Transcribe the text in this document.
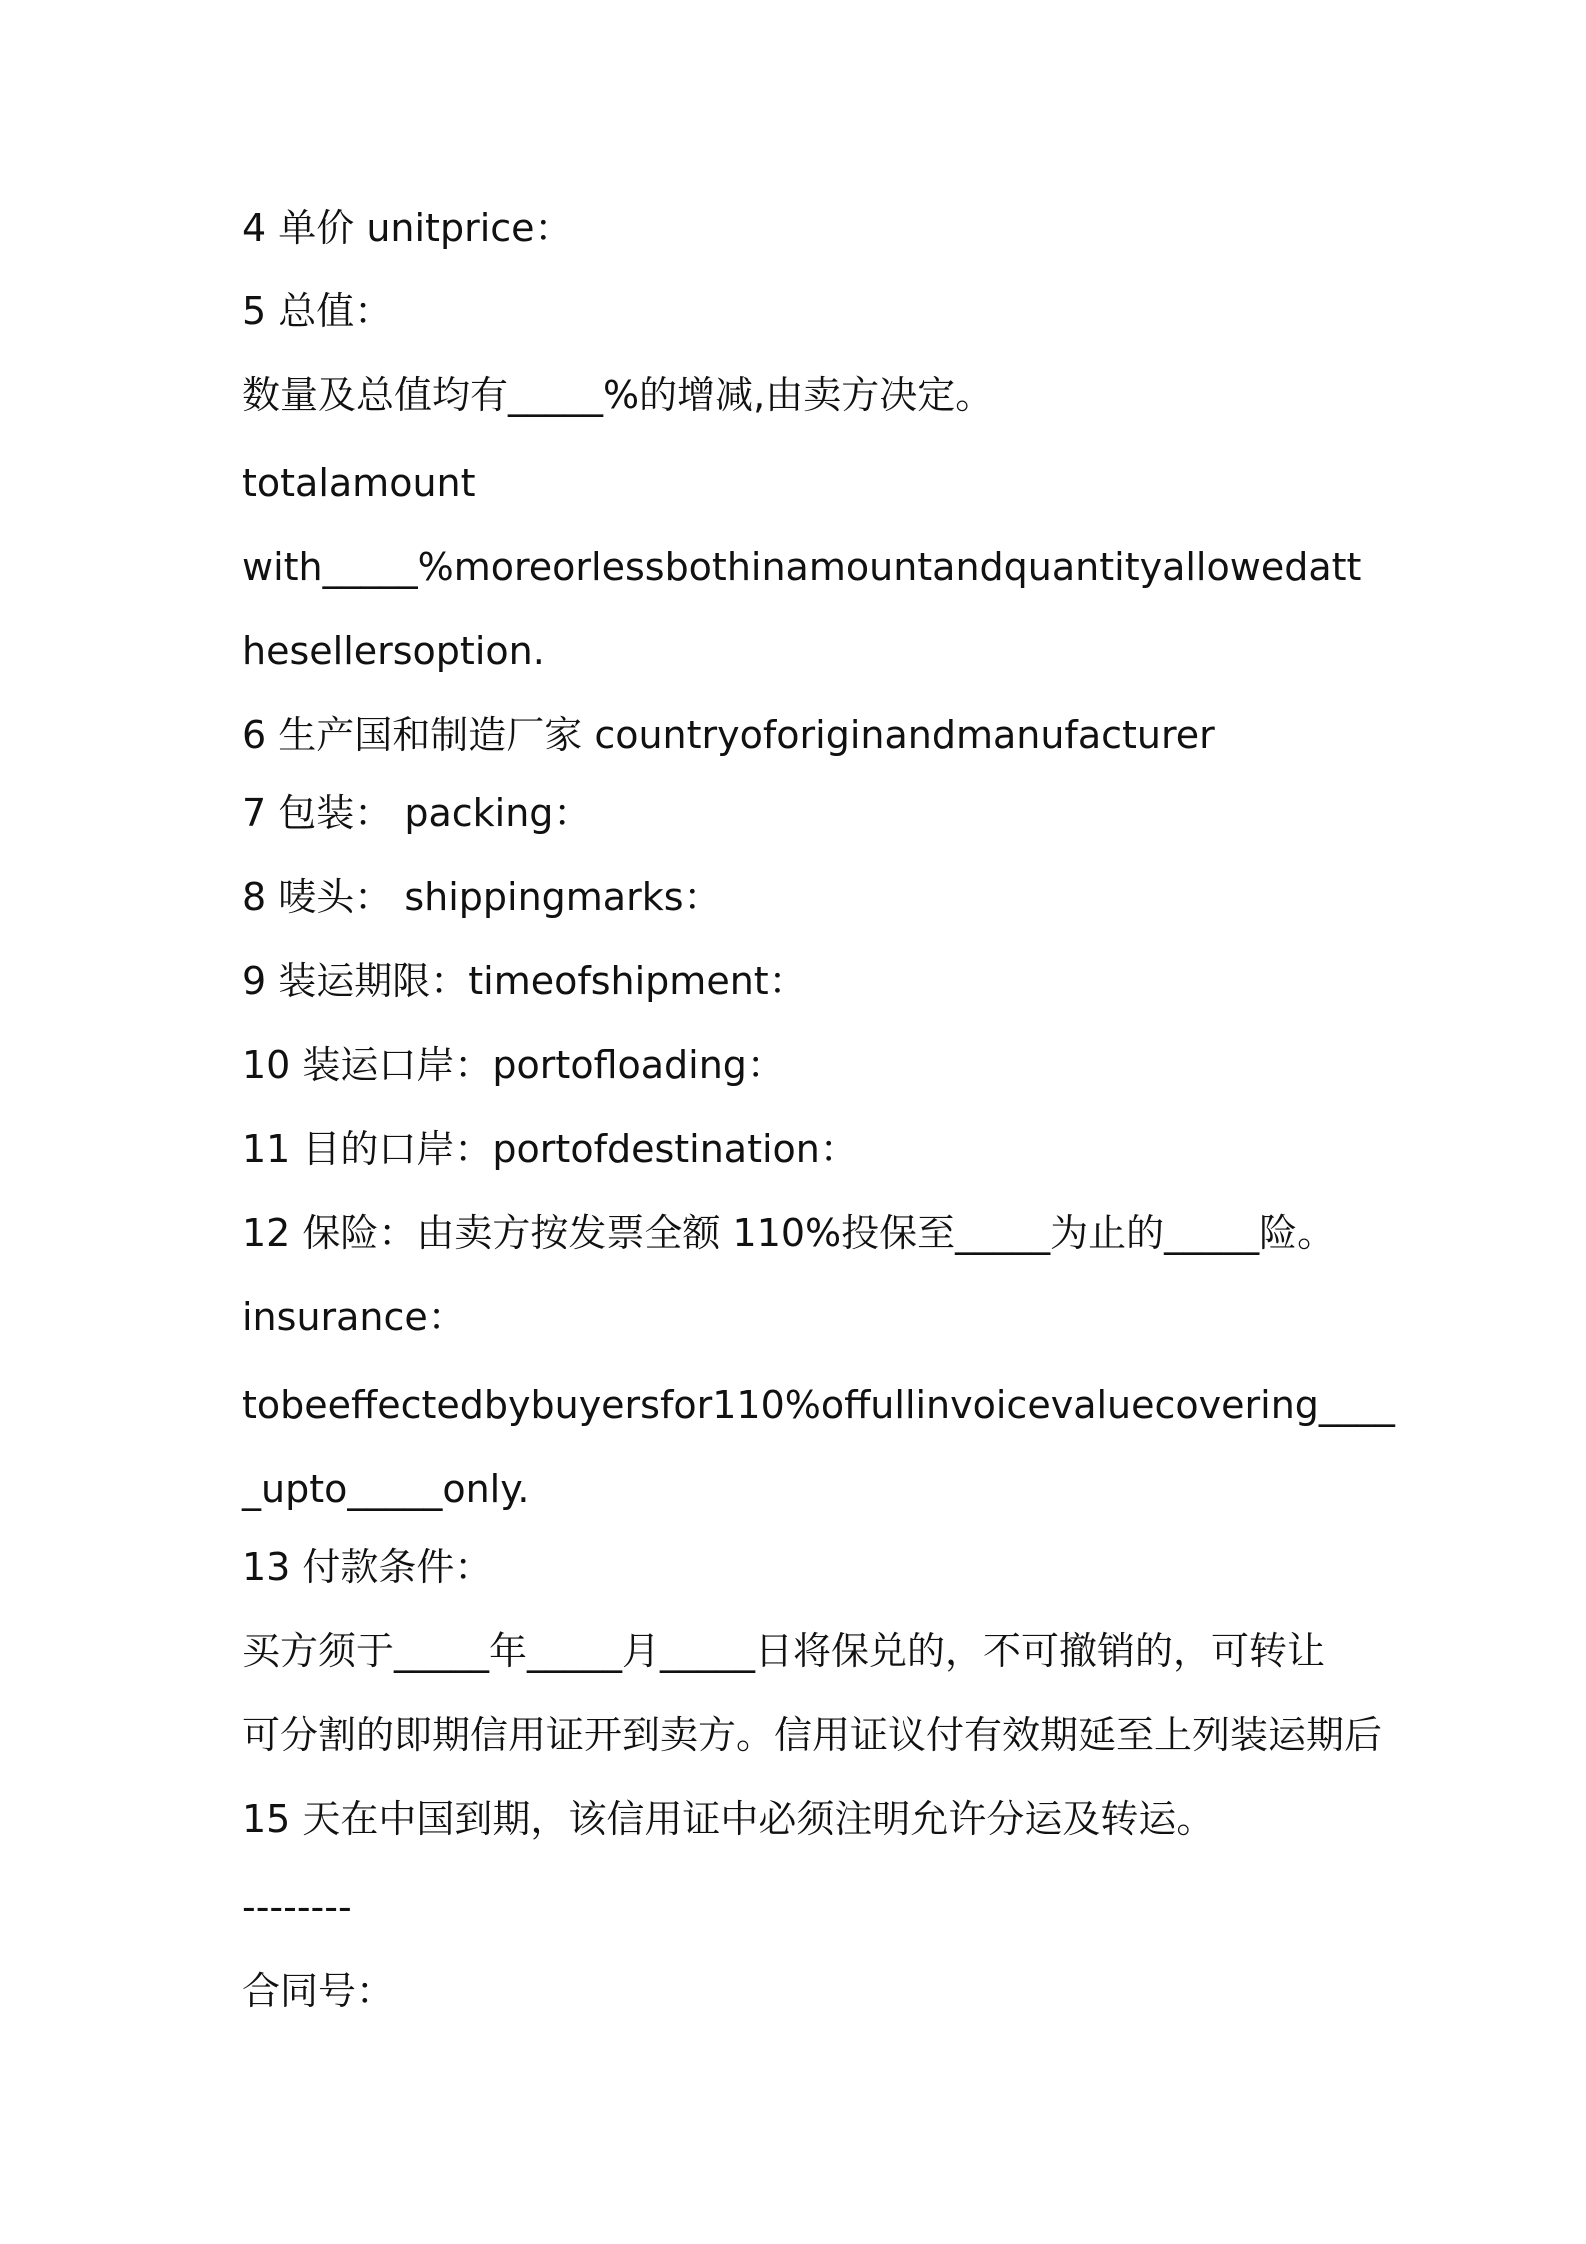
4 单价 unitprice：
5 总值：
数量及总值均有_____%的增减,由卖方决定。
totalamount
with_____%moreorlessbothinamountandquantityallowedatt
hesellersoption.
6 生产国和制造厂家 countryoforiginandmanufacturer
7 包装： packing：
8 唛头： shippingmarks：
9 装运期限：timeofshipment：
10 装运口岸：portofloading：
11 目的口岸：portofdestination：
12 保险：由卖方按发票全额 110%投保至_____为止的_____险。
insurance：
tobeeffectedbybuyersfor110%offullinvoicevaluecovering____
_upto_____only.
13 付款条件：
买方须于_____年_____月_____日将保兑的，不可撤销的，可转让
可分割的即期信用证开到卖方。信用证议付有效期延至上列装运期后
15 天在中国到期，该信用证中必须注明允许分运及转运。
--------
合同号：
